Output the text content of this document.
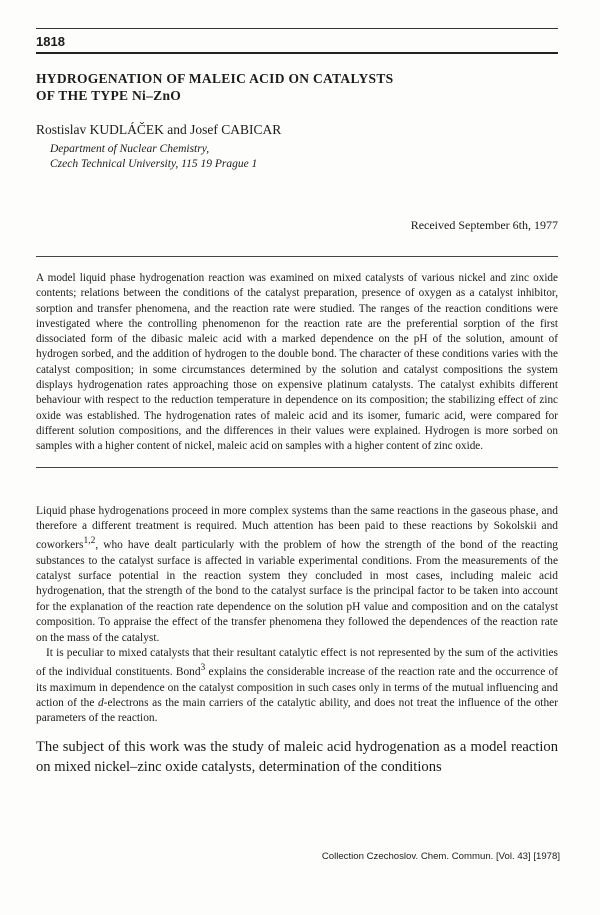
1818
HYDROGENATION OF MALEIC ACID ON CATALYSTS
OF THE TYPE Ni–ZnO
Rostislav KUDLÁČEK and Josef CABICAR
Department of Nuclear Chemistry,
Czech Technical University, 115 19 Prague 1
Received September 6th, 1977
A model liquid phase hydrogenation reaction was examined on mixed catalysts of various nickel and zinc oxide contents; relations between the conditions of the catalyst preparation, presence of oxygen as a catalyst inhibitor, sorption and transfer phenomena, and the reaction rate were studied. The ranges of the reaction conditions were investigated where the controlling phenomenon for the reaction rate are the preferential sorption of the first dissociated form of the dibasic maleic acid with a marked dependence on the pH of the solution, amount of hydrogen sorbed, and the addition of hydrogen to the double bond. The character of these conditions varies with the catalyst composition; in some circumstances determined by the solution and catalyst compositions the system displays hydrogenation rates approaching those on expensive platinum catalysts. The catalyst exhibits different behaviour with respect to the reduction temperature in dependence on its composition; the stabilizing effect of zinc oxide was established. The hydrogenation rates of maleic acid and its isomer, fumaric acid, were compared for different solution compositions, and the differences in their values were explained. Hydrogen is more sorbed on samples with a higher content of nickel, maleic acid on samples with a higher content of zinc oxide.

Liquid phase hydrogenations proceed in more complex systems than the same reactions in the gaseous phase, and therefore a different treatment is required. Much attention has been paid to these reactions by Sokolskii and coworkers$^{1,2}$, who have dealt particularly with the problem of how the strength of the bond of the reacting substances to the catalyst surface is affected in variable experimental conditions. From the measurements of the catalyst surface potential in the reaction system they concluded in most cases, including maleic acid hydrogenation, that the strength of the bond to the catalyst surface is the principal factor to be taken into account for the explanation of the reaction rate dependence on the solution pH value and composition and on the catalyst composition. To appraise the effect of the transfer phenomena they followed the dependences of the reaction rate on the mass of the catalyst.

It is peculiar to mixed catalysts that their resultant catalytic effect is not represented by the sum of the activities of the individual constituents. Bond$^3$ explains the considerable increase of the reaction rate and the occurrence of its maximum in dependence on the catalyst composition in such cases only in terms of the mutual influencing and action of the d-electrons as the main carriers of the catalytic ability, and does not treat the influence of the other parameters of the reaction.

The subject of this work was the study of maleic acid hydrogenation as a model reaction on mixed nickel–zinc oxide catalysts, determination of the conditions
Collection Czechoslov. Chem. Commun. [Vol. 43] [1978]
